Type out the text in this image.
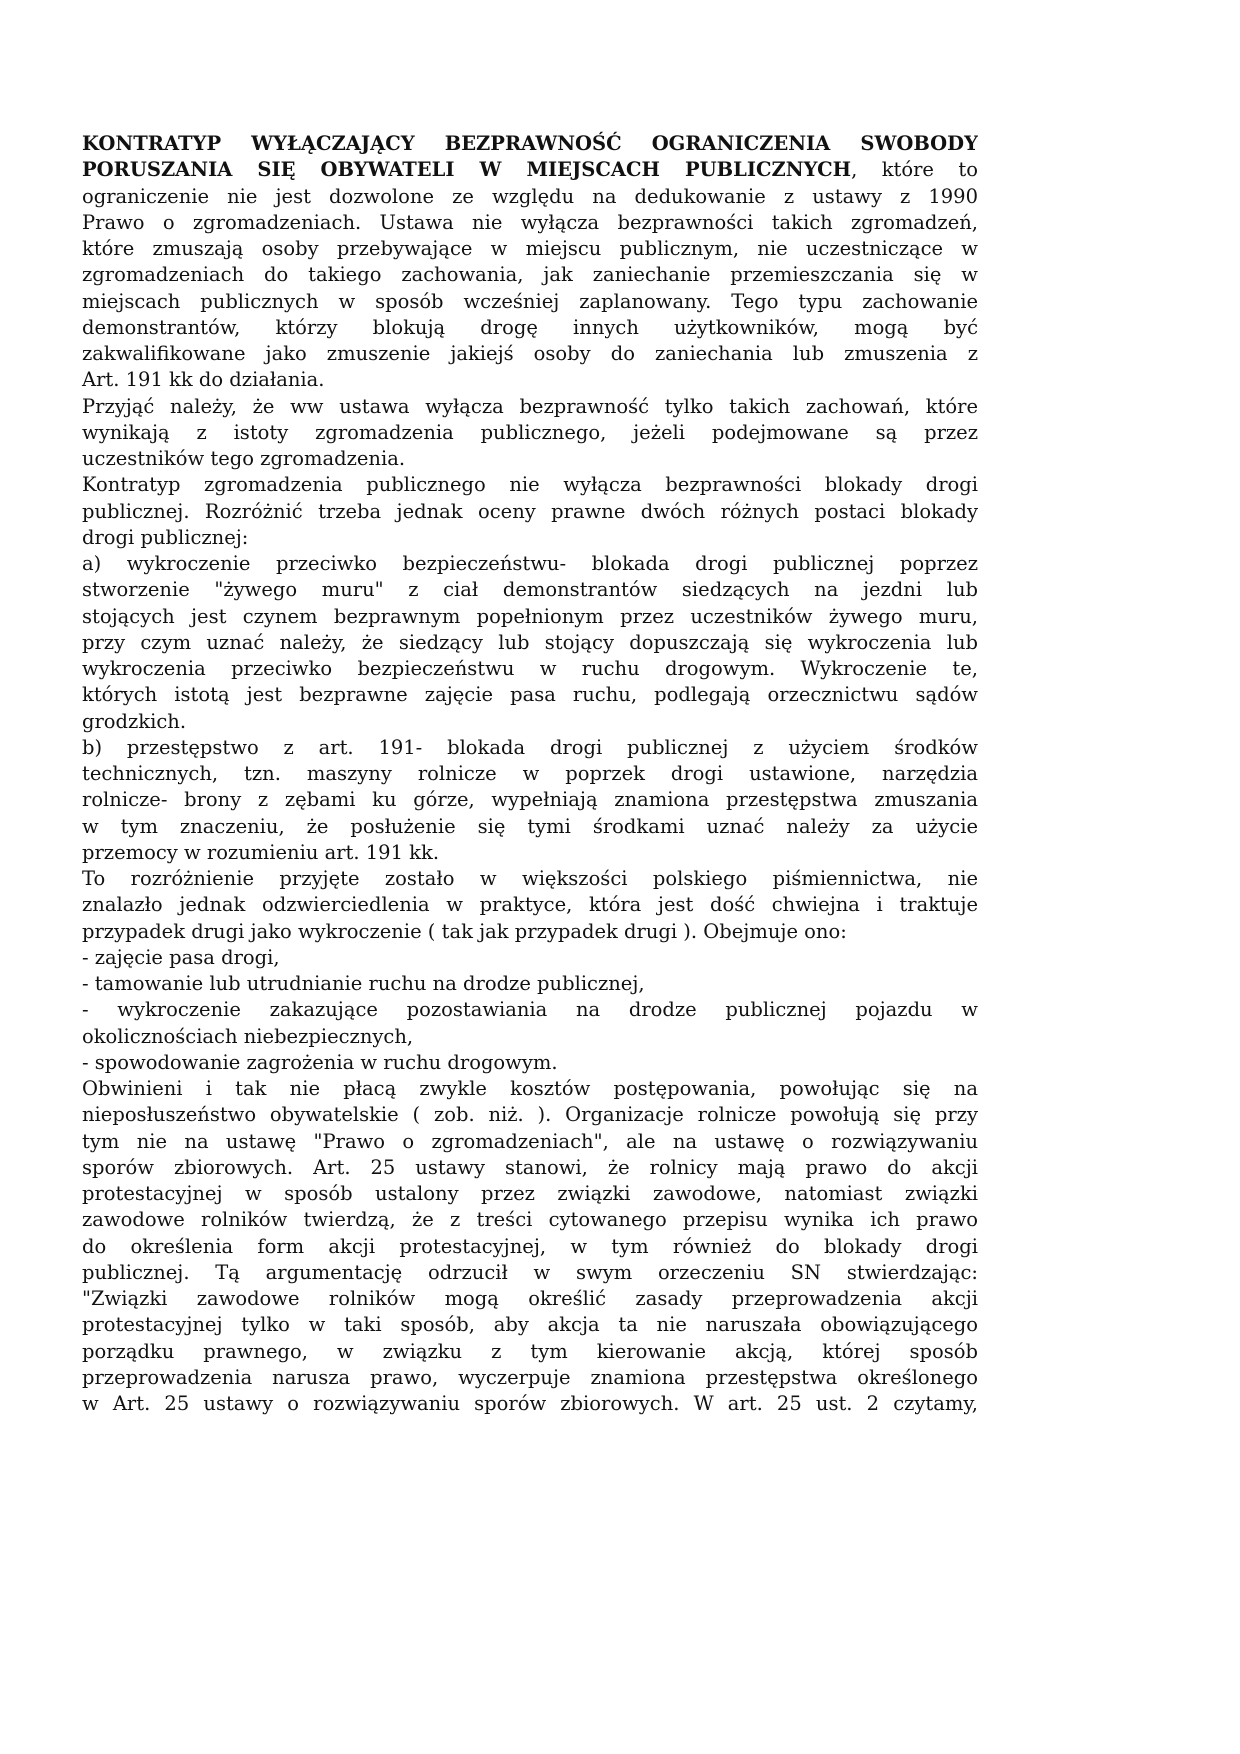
KONTRATYP WYŁĄCZAJĄCY BEZPRAWNOŚĆ OGRANICZENIA SWOBODY
PORUSZANIA SIĘ OBYWATELI W MIEJSCACH PUBLICZNYCH, które to
ograniczenie nie jest dozwolone ze względu na dedukowanie z ustawy z 1990
Prawo o zgromadzeniach. Ustawa nie wyłącza bezprawności takich zgromadzeń,
które zmuszają osoby przebywające w miejscu publicznym, nie uczestniczące w
zgromadzeniach do takiego zachowania, jak zaniechanie przemieszczania się w
miejscach publicznych w sposób wcześniej zaplanowany. Tego typu zachowanie
demonstrantów, którzy blokują drogę innych użytkowników, mogą być
zakwalifikowane jako zmuszenie jakiejś osoby do zaniechania lub zmuszenia z
Art. 191 kk do działania.
Przyjąć należy, że ww ustawa wyłącza bezprawność tylko takich zachowań, które
wynikają z istoty zgromadzenia publicznego, jeżeli podejmowane są przez
uczestników tego zgromadzenia.
Kontratyp zgromadzenia publicznego nie wyłącza bezprawności blokady drogi
publicznej. Rozróżnić trzeba jednak oceny prawne dwóch różnych postaci blokady
drogi publicznej:
a) wykroczenie przeciwko bezpieczeństwu- blokada drogi publicznej poprzez
stworzenie "żywego muru" z ciał demonstrantów siedzących na jezdni lub
stojących jest czynem bezprawnym popełnionym przez uczestników żywego muru,
przy czym uznać należy, że siedzący lub stojący dopuszczają się wykroczenia lub
wykroczenia przeciwko bezpieczeństwu w ruchu drogowym. Wykroczenie te,
których istotą jest bezprawne zajęcie pasa ruchu, podlegają orzecznictwu sądów
grodzkich.
b) przestępstwo z art. 191- blokada drogi publicznej z użyciem środków
technicznych, tzn. maszyny rolnicze w poprzek drogi ustawione, narzędzia
rolnicze- brony z zębami ku górze, wypełniają znamiona przestępstwa zmuszania
w tym znaczeniu, że posłużenie się tymi środkami uznać należy za użycie
przemocy w rozumieniu art. 191 kk.
To rozróżnienie przyjęte zostało w większości polskiego piśmiennictwa, nie
znalazło jednak odzwierciedlenia w praktyce, która jest dość chwiejna i traktuje
przypadek drugi jako wykroczenie ( tak jak przypadek drugi ). Obejmuje ono:
- zajęcie pasa drogi,
- tamowanie lub utrudnianie ruchu na drodze publicznej,
- wykroczenie zakazujące pozostawiania na drodze publicznej pojazdu w
okolicznościach niebezpiecznych,
- spowodowanie zagrożenia w ruchu drogowym.
Obwinieni i tak nie płacą zwykle kosztów postępowania, powołując się na
nieposłuszeństwo obywatelskie ( zob. niż. ). Organizacje rolnicze powołują się przy
tym nie na ustawę "Prawo o zgromadzeniach", ale na ustawę o rozwiązywaniu
sporów zbiorowych. Art. 25 ustawy stanowi, że rolnicy mają prawo do akcji
protestacyjnej w sposób ustalony przez związki zawodowe, natomiast związki
zawodowe rolników twierdzą, że z treści cytowanego przepisu wynika ich prawo
do określenia form akcji protestacyjnej, w tym również do blokady drogi
publicznej. Tą argumentację odrzucił w swym orzeczeniu SN stwierdzając:
"Związki zawodowe rolników mogą określić zasady przeprowadzenia akcji
protestacyjnej tylko w taki sposób, aby akcja ta nie naruszała obowiązującego
porządku prawnego, w związku z tym kierowanie akcją, której sposób
przeprowadzenia narusza prawo, wyczerpuje znamiona przestępstwa określonego
w Art. 25 ustawy o rozwiązywaniu sporów zbiorowych. W art. 25 ust. 2 czytamy,
